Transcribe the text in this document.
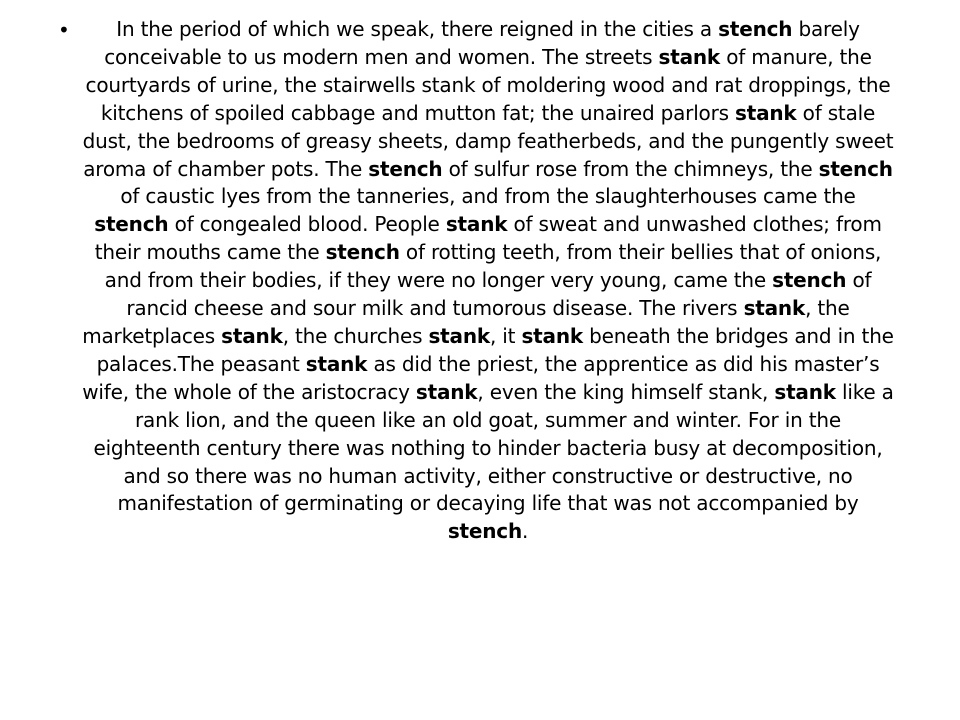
•	In the period of which we speak, there reigned in the cities a stench barely conceivable to us modern men and women. The streets stank of manure, the courtyards of urine, the stairwells stank of moldering wood and rat droppings, the kitchens of spoiled cabbage and mutton fat; the unaired parlors stank of stale dust, the bedrooms of greasy sheets, damp featherbeds, and the pungently sweet aroma of chamber pots. The stench of sulfur rose from the chimneys, the stench of caustic lyes from the tanneries, and from the slaughterhouses came the stench of congealed blood. People stank of sweat and unwashed clothes; from their mouths came the stench of rotting teeth, from their bellies that of onions, and from their bodies, if they were no longer very young, came the stench of rancid cheese and sour milk and tumorous disease. The rivers stank, the marketplaces stank, the churches stank, it stank beneath the bridges and in the palaces.The peasant stank as did the priest, the apprentice as did his master’s wife, the whole of the aristocracy stank, even the king himself stank, stank like a rank lion, and the queen like an old goat, summer and winter. For in the eighteenth century there was nothing to hinder bacteria busy at decomposition, and so there was no human activity, either constructive or destructive, no manifestation of germinating or decaying life that was not accompanied by stench.
